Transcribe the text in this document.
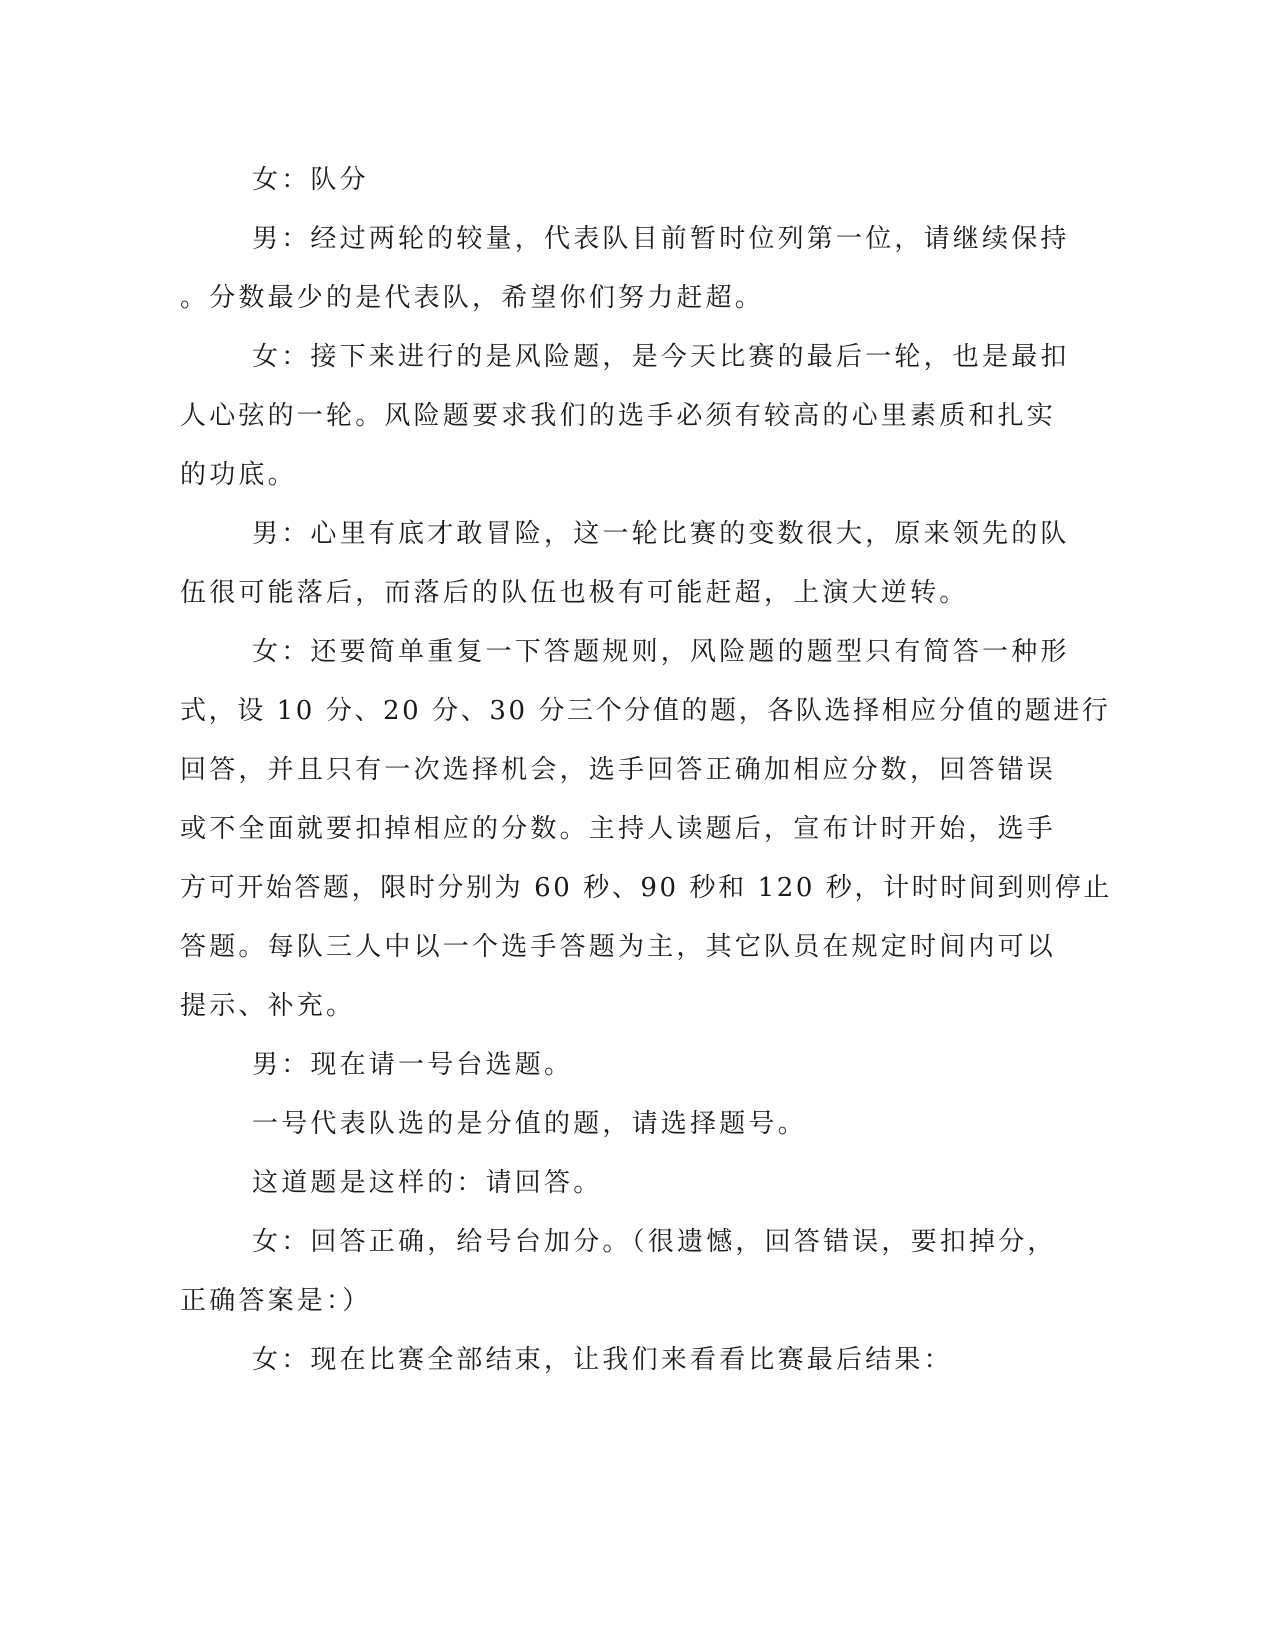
女：队分
男：经过两轮的较量，代表队目前暂时位列第一位，请继续保持
。分数最少的是代表队，希望你们努力赶超。
女：接下来进行的是风险题，是今天比赛的最后一轮，也是最扣
人心弦的一轮。风险题要求我们的选手必须有较高的心里素质和扎实
的功底。
男：心里有底才敢冒险，这一轮比赛的变数很大，原来领先的队
伍很可能落后，而落后的队伍也极有可能赶超，上演大逆转。
女：还要简单重复一下答题规则，风险题的题型只有简答一种形
式，设 10 分、20 分、30 分三个分值的题，各队选择相应分值的题进行
回答，并且只有一次选择机会，选手回答正确加相应分数，回答错误
或不全面就要扣掉相应的分数。主持人读题后，宣布计时开始，选手
方可开始答题，限时分别为 60 秒、90 秒和 120 秒，计时时间到则停止
答题。每队三人中以一个选手答题为主，其它队员在规定时间内可以
提示、补充。
男：现在请一号台选题。
一号代表队选的是分值的题，请选择题号。
这道题是这样的：请回答。
女：回答正确，给号台加分。（很遗憾，回答错误，要扣掉分，
正确答案是：）
女：现在比赛全部结束，让我们来看看比赛最后结果：
